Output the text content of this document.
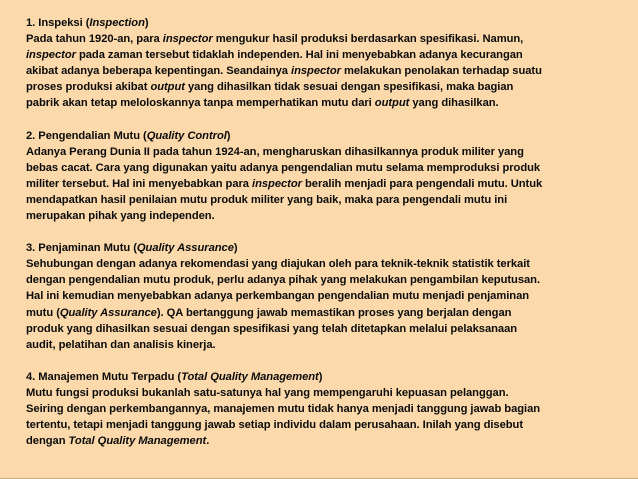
1. Inspeksi (Inspection)
Pada tahun 1920-an, para inspector mengukur hasil produksi berdasarkan spesifikasi. Namun,
inspector pada zaman tersebut tidaklah independen. Hal ini menyebabkan adanya kecurangan
akibat adanya beberapa kepentingan. Seandainya inspector melakukan penolakan terhadap suatu
proses produksi akibat output yang dihasilkan tidak sesuai dengan spesifikasi, maka bagian
pabrik akan tetap meloloskannya tanpa memperhatikan mutu dari output yang dihasilkan.
2. Pengendalian Mutu (Quality Control)
Adanya Perang Dunia II pada tahun 1924-an, mengharuskan dihasilkannya produk militer yang
bebas cacat. Cara yang digunakan yaitu adanya pengendalian mutu selama memproduksi produk
militer tersebut. Hal ini menyebabkan para inspector beralih menjadi para pengendali mutu. Untuk
mendapatkan hasil penilaian mutu produk militer yang baik, maka para pengendali mutu ini
merupakan pihak yang independen.
3. Penjaminan Mutu (Quality Assurance)
Sehubungan dengan adanya rekomendasi yang diajukan oleh para teknik-teknik statistik terkait
dengan pengendalian mutu produk, perlu adanya pihak yang melakukan pengambilan keputusan.
Hal ini kemudian menyebabkan adanya perkembangan pengendalian mutu menjadi penjaminan
mutu (Quality Assurance). QA bertanggung jawab memastikan proses yang berjalan dengan
produk yang dihasilkan sesuai dengan spesifikasi yang telah ditetapkan melalui pelaksanaan
audit, pelatihan dan analisis kinerja.
4. Manajemen Mutu Terpadu (Total Quality Management)
Mutu fungsi produksi bukanlah satu-satunya hal yang mempengaruhi kepuasan pelanggan.
Seiring dengan perkembangannya, manajemen mutu tidak hanya menjadi tanggung jawab bagian
tertentu, tetapi menjadi tanggung jawab setiap individu dalam perusahaan. Inilah yang disebut
dengan Total Quality Management.
